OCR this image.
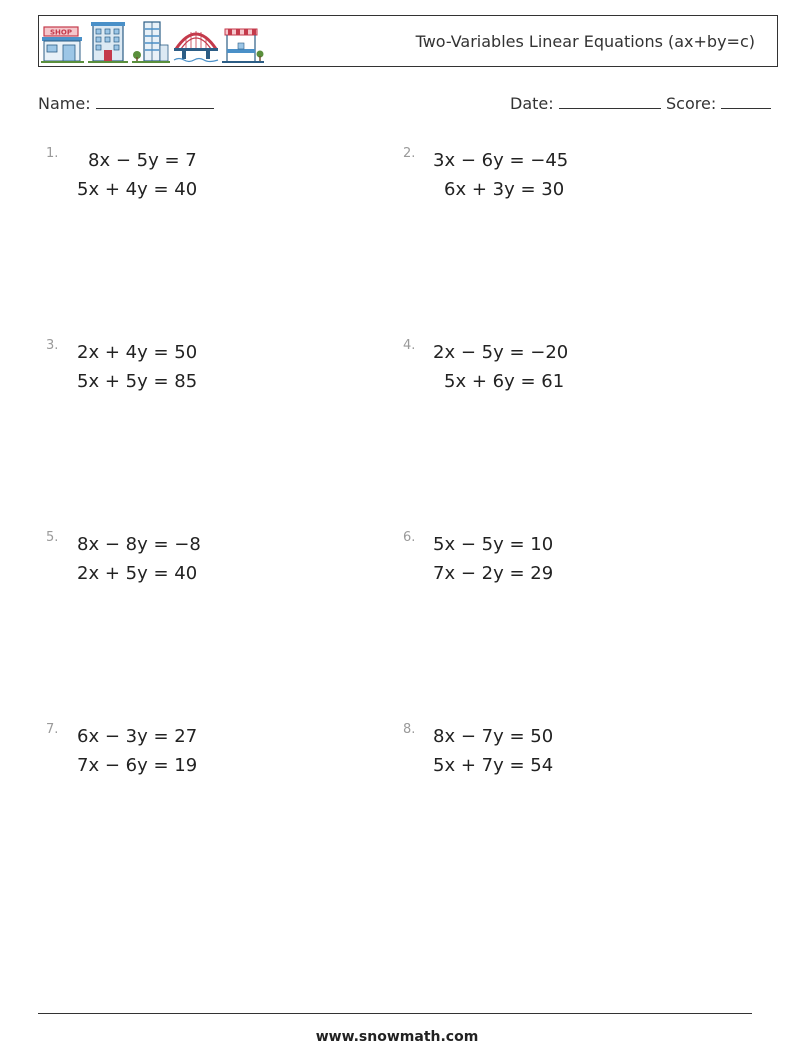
SHOP	Two-Variables Linear Equations (ax+by=c)
Name:	Date:	Score:
1. 8x − 5y = 7
5x + 4y = 40
2. 3x − 6y = −45
6x + 3y = 30
3. 2x + 4y = 50
5x + 5y = 85
4. 2x − 5y = −20
5x + 6y = 61
5. 8x − 8y = −8
2x + 5y = 40
6. 5x − 5y = 10
7x − 2y = 29
7. 6x − 3y = 27
7x − 6y = 19
8. 8x − 7y = 50
5x + 7y = 54
www.snowmath.com
